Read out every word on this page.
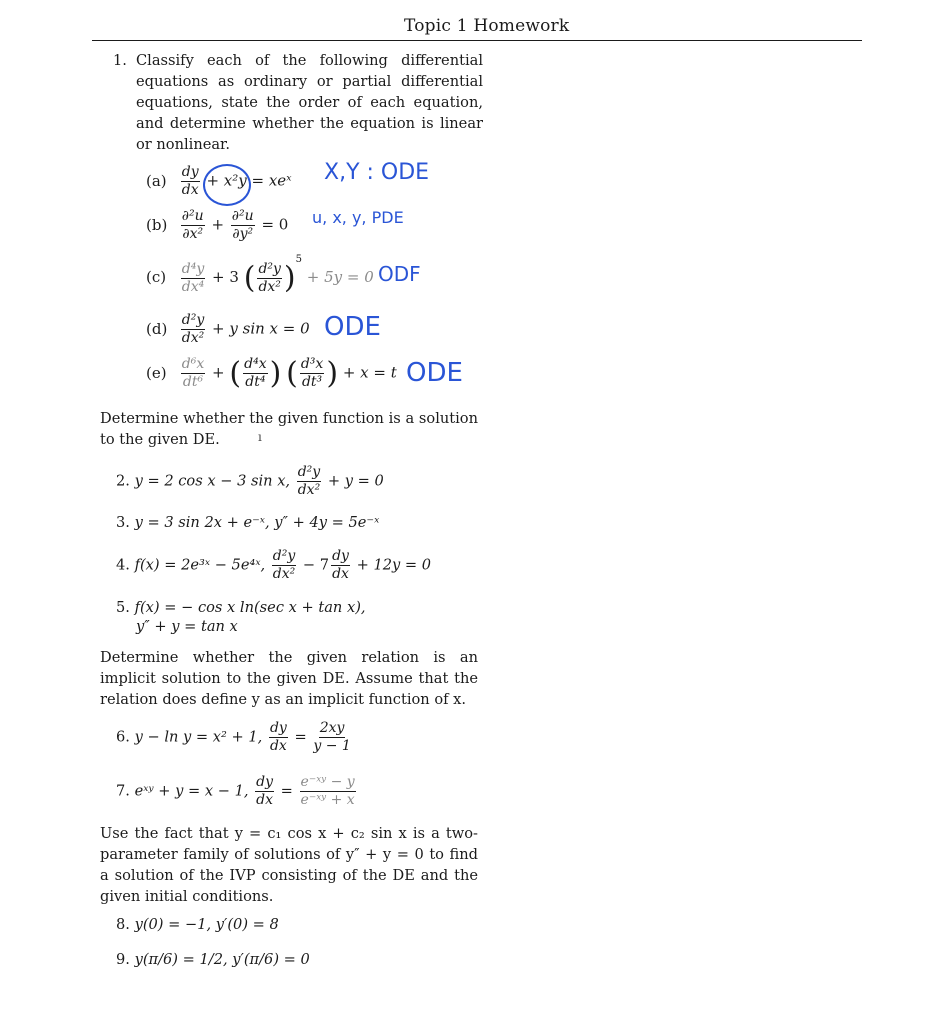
Topic 1 Homework
1. Classify each of the following differential equations as ordinary or partial differential equations, state the order of each equation, and determine whether the equation is linear or nonlinear.
$(a) \frac{dy}{dx} + x^2y$ = xeˣ X,Y : ODE
$(b) \frac{\text{∂²u}}{\text{∂x²}} + \frac{\text{∂²u}}{\text{∂y²}} = 0$ u, x, y, PDE
$(c) \frac{\text{d⁴y}}{\text{dx⁴}} + 3$ ( $\frac{\text{d²y}}{\text{dx²}} )^5 + 5y = 0$ ODF
$(d) \frac{\text{d²y}}{\text{dx²}} + y$ sin x = 0 ODE
$(e) \frac{\text{d⁶x}}{\text{dt⁶}}$ + ( $\frac{\text{d⁴x}}{\text{dt⁴}}$ ) ( $\frac{\text{d³x}}{\text{dt³}}$ ) + x = t ODE
Determine whether the given function is a solution to the given DE.	ı
2. y = 2 cos x − 3 sin x, $\frac{\text{d²y}}{\text{dx²}} + y = 0$
3. y = 3 sin 2x + e⁻ˣ, y″ + 4y = 5e⁻ˣ
4. f(x) = 2e³ˣ − 5e⁴ˣ, $\frac{\text{d²y}}{\text{dx²}} - 7 \frac{dy}{dx} + 12y = 0$
5. f(x) = − cos x ln(sec x + tan x),
y″ + y = tan x
Determine whether the given relation is an implicit solution to the given DE. Assume that the relation does define y as an implicit function of x.
6. y − ln y = x² + 1, $\frac{dy}{dx} = \frac{2xy}{y - 1}$
7. eˣʸ + y = x − 1, $\frac{dy}{dx} = \frac{\text{e⁻ˣʸ − y}}{\text{e⁻ˣʸ + x}}$
Use the fact that y = c₁ cos x + c₂ sin x is a two-parameter family of solutions of y″ + y = 0 to find a solution of the IVP consisting of the DE and the given initial conditions.
8. y(0) = −1, y′(0) = 8
9. y(π/6) = 1/2, y′(π/6) = 0
